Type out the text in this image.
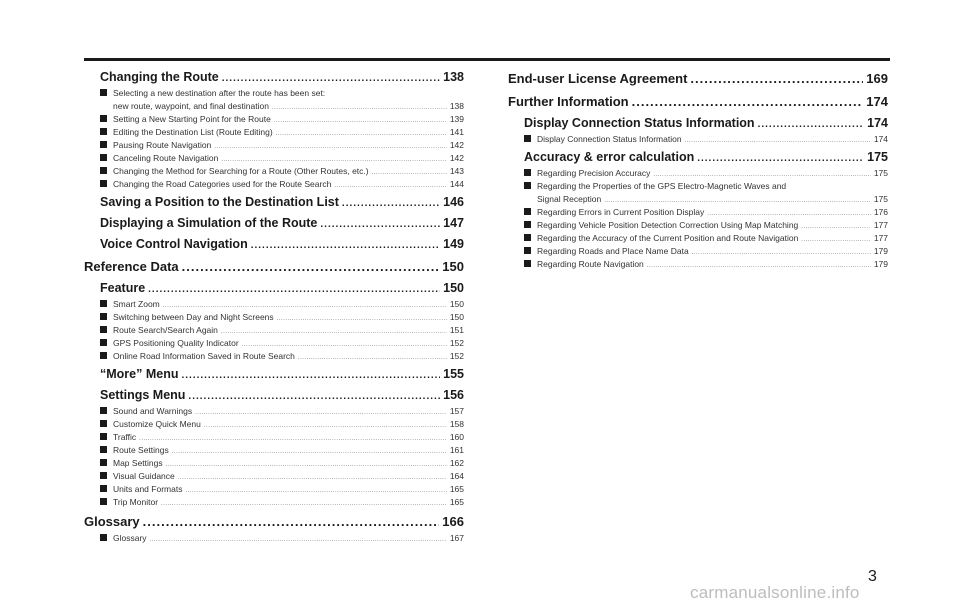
Changing the Route .....	138
Selecting a new destination after the route has been set:
new route, waypoint, and final destination .....	138
Setting a New Starting Point for the Route .....	139
Editing the Destination List (Route Editing) .....	141
Pausing Route Navigation .....	142
Canceling Route Navigation .....	142
Changing the Method for Searching for a Route (Other Routes, etc.) .....	143
Changing the Road Categories used for the Route Search .....	144
Saving a Position to the Destination List .....	146
Displaying a Simulation of the Route .....	147
Voice Control Navigation .....	149
Reference Data .....	150
Feature .....	150
Smart Zoom .....	150
Switching between Day and Night Screens .....	150
Route Search/Search Again .....	151
GPS Positioning Quality Indicator .....	152
Online Road Information Saved in Route Search .....	152
“More” Menu .....	155
Settings Menu .....	156
Sound and Warnings .....	157
Customize Quick Menu .....	158
Traffic .....	160
Route Settings .....	161
Map Settings .....	162
Visual Guidance .....	164
Units and Formats .....	165
Trip Monitor .....	165
Glossary .....	166
Glossary .....	167
End-user License Agreement .....	169
Further Information .....	174
Display Connection Status Information .....	174
Display Connection Status Information .....	174
Accuracy & error calculation .....	175
Regarding Precision Accuracy .....	175
Regarding the Properties of the GPS Electro-Magnetic Waves and
Signal Reception .....	175
Regarding Errors in Current Position Display .....	176
Regarding Vehicle Position Detection Correction Using Map Matching .....	177
Regarding the Accuracy of the Current Position and Route Navigation .....	177
Regarding Roads and Place Name Data .....	179
Regarding Route Navigation .....	179
3
carmanualsonline.info
